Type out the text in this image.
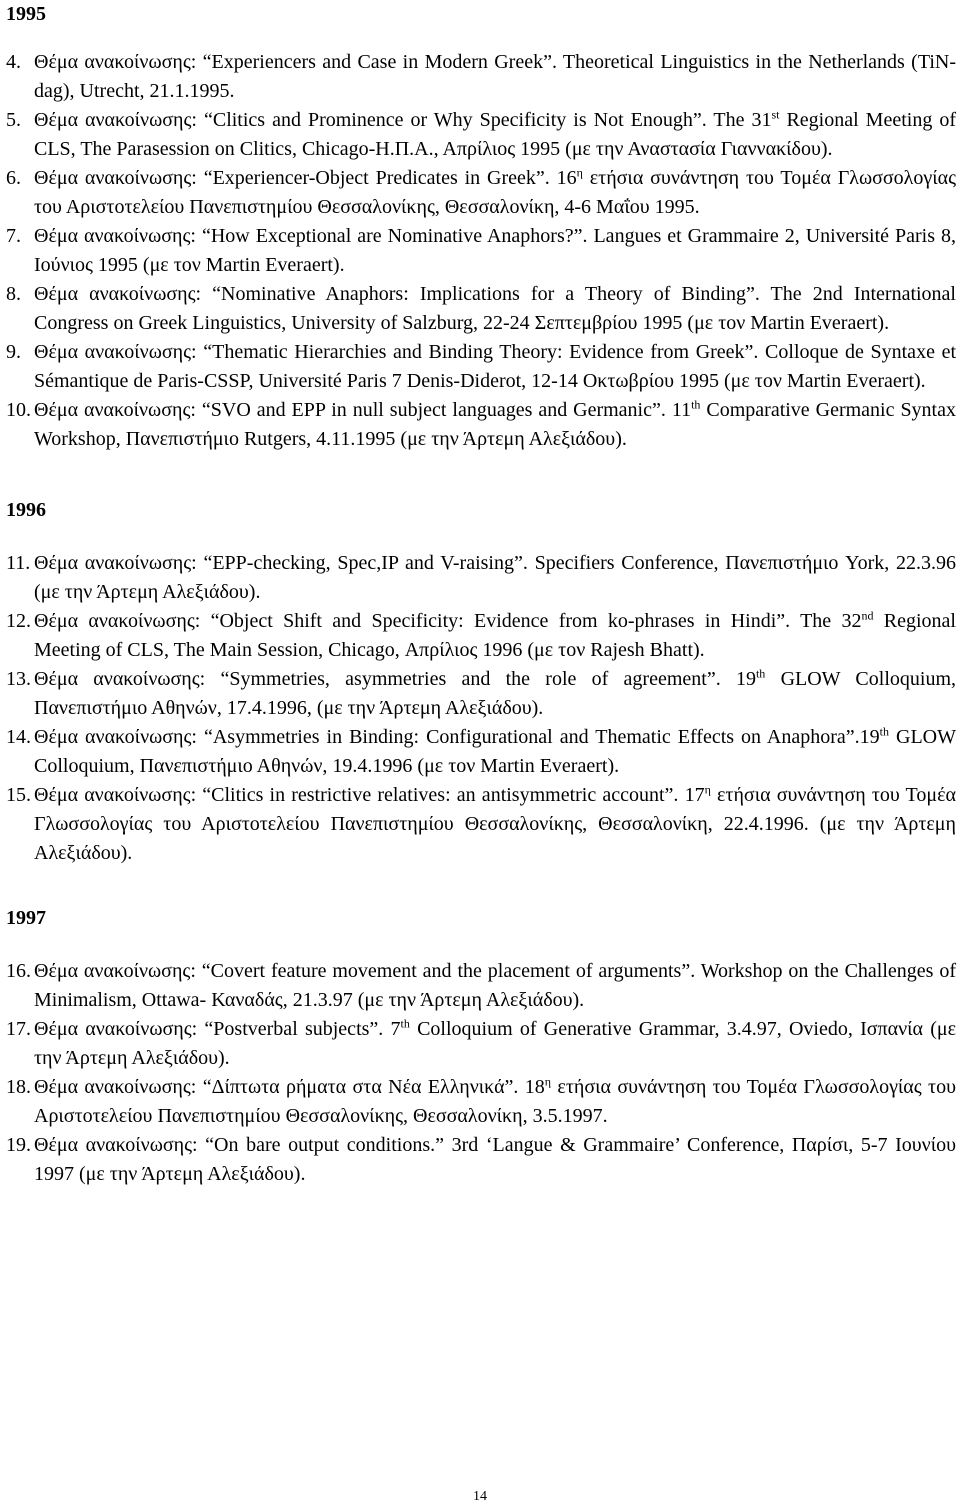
1995
4. Θέμα ανακοίνωσης: “Experiencers and Case in Modern Greek”. Theoretical Linguistics in the Netherlands (TiN-dag), Utrecht, 21.1.1995.
5. Θέμα ανακοίνωσης: “Clitics and Prominence or Why Specificity is Not Enough”. The 31st Regional Meeting of CLS, The Parasession on Clitics, Chicago-Η.Π.Α., Απρίλιος 1995 (με την Αναστασία Γιαννακίδου).
6. Θέμα ανακοίνωσης: “Experiencer-Object Predicates in Greek”. $16^\eta$ ετήσια συνάντηση του Τομέα Γλωσσολογίας του Αριστοτελείου Πανεπιστημίου Θεσσαλονίκης, Θεσσαλονίκη, 4-6 Μαΐου 1995.
7. Θέμα ανακοίνωσης: “How Exceptional are Nominative Anaphors?”. Langues et Grammaire 2, Université Paris 8, Ιούνιος 1995 (με τον Martin Everaert).
8. Θέμα ανακοίνωσης: “Nominative Anaphors: Implications for a Theory of Binding”. The 2nd International Congress on Greek Linguistics, University of Salzburg, 22-24 Σεπτεμβρίου 1995 (με τον Martin Everaert).
9. Θέμα ανακοίνωσης: “Thematic Hierarchies and Binding Theory: Evidence from Greek”. Colloque de Syntaxe et Sémantique de Paris-CSSP, Université Paris 7 Denis-Diderot, 12-14 Οκτωβρίου 1995 (με τον Martin Everaert).
10. Θέμα ανακοίνωσης: “SVO and EPP in null subject languages and Germanic”. 11th Comparative Germanic Syntax Workshop, Πανεπιστήμιο Rutgers, 4.11.1995 (με την Άρτεμη Αλεξιάδου).
1996
11. Θέμα ανακοίνωσης: “EPP-checking, Spec,IP and V-raising”. Specifiers Conference, Πανεπιστήμιο York, 22.3.96 (με την Άρτεμη Αλεξιάδου).
12. Θέμα ανακοίνωσης: “Object Shift and Specificity: Evidence from ko-phrases in Hindi”. The 32nd Regional Meeting of CLS, The Main Session, Chicago, Απρίλιος 1996 (με τον Rajesh Bhatt).
13. Θέμα ανακοίνωσης: “Symmetries, asymmetries and the role of agreement”. 19th GLOW Colloquium, Πανεπιστήμιο Αθηνών, 17.4.1996, (με την Άρτεμη Αλεξιάδου).
14. Θέμα ανακοίνωσης: “Asymmetries in Binding: Configurational and Thematic Effects on Anaphora”.19th GLOW Colloquium, Πανεπιστήμιο Αθηνών, 19.4.1996 (με τον Martin Everaert).
15. Θέμα ανακοίνωσης: “Clitics in restrictive relatives: an antisymmetric account”. $17^\eta$ ετήσια συνάντηση του Τομέα Γλωσσολογίας του Αριστοτελείου Πανεπιστημίου Θεσσαλονίκης, Θεσσαλονίκη, 22.4.1996. (με την Άρτεμη Αλεξιάδου).
1997
16. Θέμα ανακοίνωσης: “Covert feature movement and the placement of arguments”. Workshop on the Challenges of Minimalism, Ottawa- Καναδάς, 21.3.97 (με την Άρτεμη Αλεξιάδου).
17. Θέμα ανακοίνωσης: “Postverbal subjects”. 7th Colloquium of Generative Grammar, 3.4.97, Oviedo, Ισπανία (με την Άρτεμη Αλεξιάδου).
18. Θέμα ανακοίνωσης: “Δίπτωτα ρήματα στα Νέα Ελληνικά”. $18^\eta$ ετήσια συνάντηση του Τομέα Γλωσσολογίας του Αριστοτελείου Πανεπιστημίου Θεσσαλονίκης, Θεσσαλονίκη, 3.5.1997.
19. Θέμα ανακοίνωσης: “On bare output conditions.” 3rd ‘Langue & Grammaire’ Conference, Παρίσι, 5-7 Ιουνίου 1997 (με την Άρτεμη Αλεξιάδου).
14
